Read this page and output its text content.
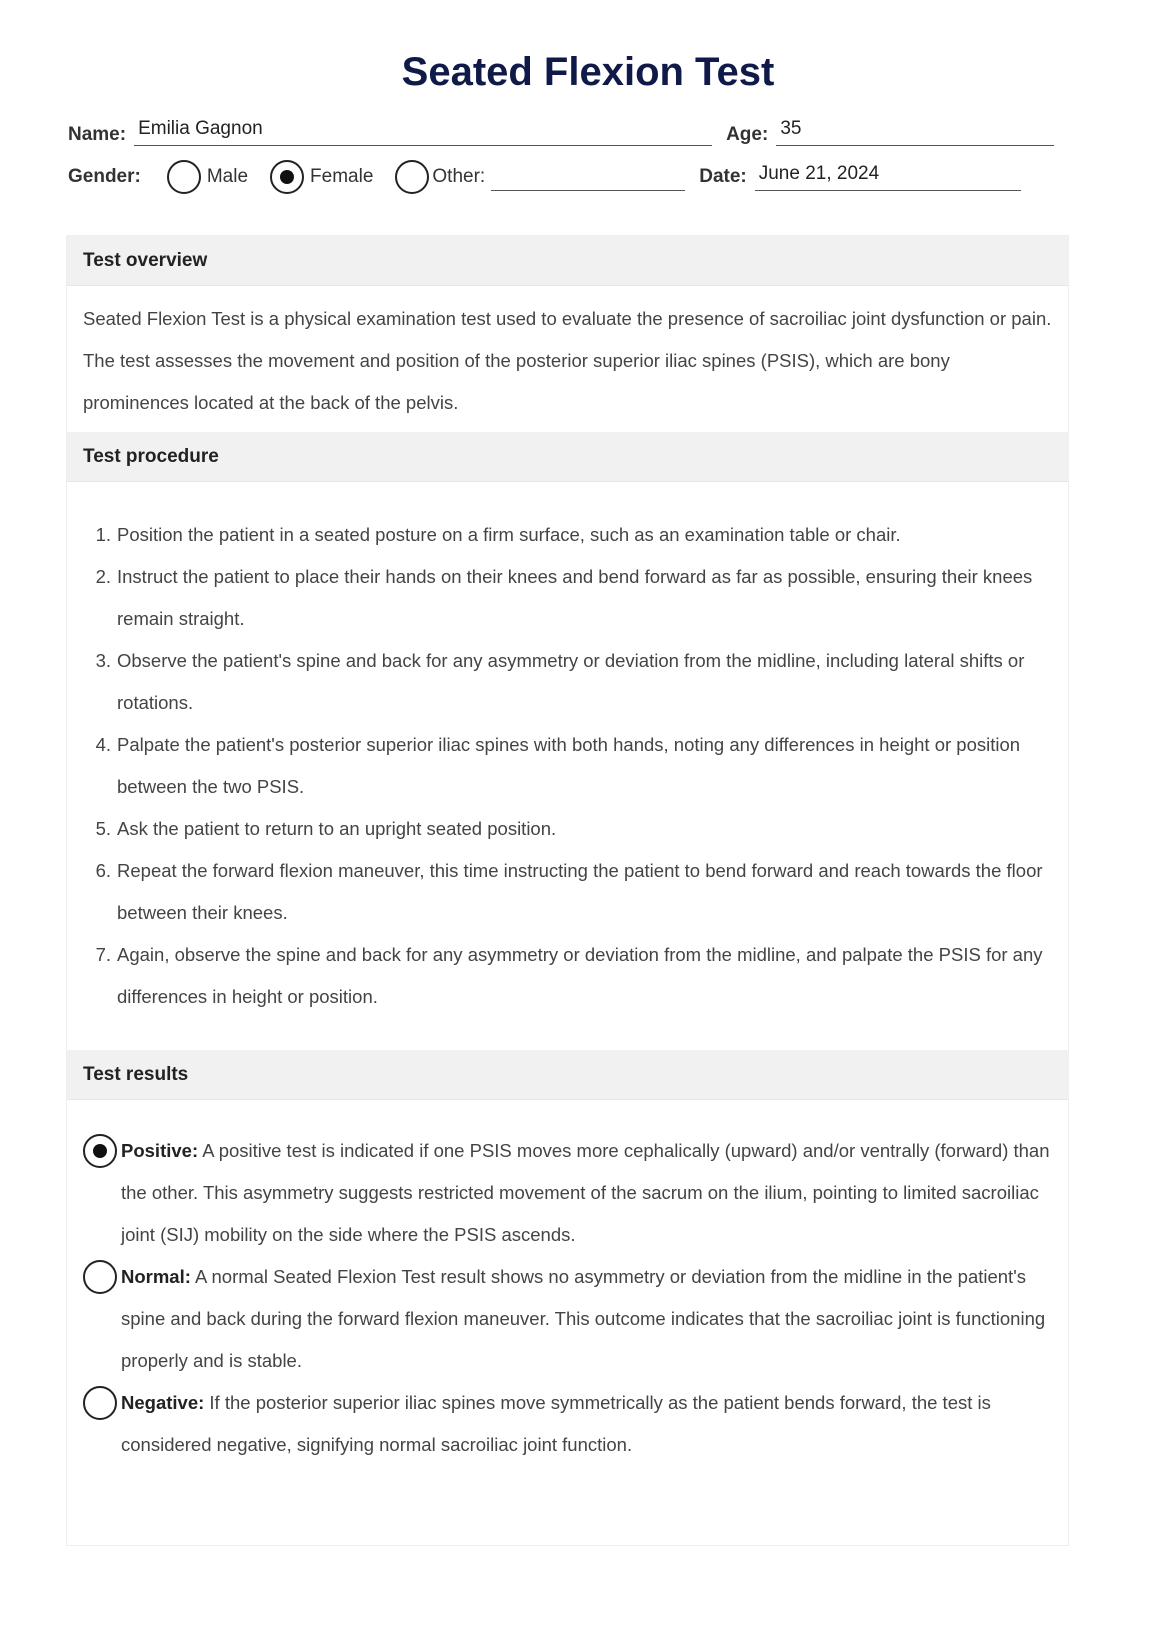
Seated Flexion Test
Name: Emilia Gagnon	Age: 35
Gender:	Male	Female	Other:	Date: June 21, 2024
Test overview
Seated Flexion Test is a physical examination test used to evaluate the presence of sacroiliac joint dysfunction or pain. The test assesses the movement and position of the posterior superior iliac spines (PSIS), which are bony prominences located at the back of the pelvis.
Test procedure
1. Position the patient in a seated posture on a firm surface, such as an examination table or chair.
2. Instruct the patient to place their hands on their knees and bend forward as far as possible, ensuring their knees remain straight.
3. Observe the patient's spine and back for any asymmetry or deviation from the midline, including lateral shifts or rotations.
4. Palpate the patient's posterior superior iliac spines with both hands, noting any differences in height or position between the two PSIS.
5. Ask the patient to return to an upright seated position.
6. Repeat the forward flexion maneuver, this time instructing the patient to bend forward and reach towards the floor between their knees.
7. Again, observe the spine and back for any asymmetry or deviation from the midline, and palpate the PSIS for any differences in height or position.
Test results
Positive: A positive test is indicated if one PSIS moves more cephalically (upward) and/or ventrally (forward) than the other. This asymmetry suggests restricted movement of the sacrum on the ilium, pointing to limited sacroiliac joint (SIJ) mobility on the side where the PSIS ascends.
Normal: A normal Seated Flexion Test result shows no asymmetry or deviation from the midline in the patient's spine and back during the forward flexion maneuver. This outcome indicates that the sacroiliac joint is functioning properly and is stable.
Negative: If the posterior superior iliac spines move symmetrically as the patient bends forward, the test is considered negative, signifying normal sacroiliac joint function.
